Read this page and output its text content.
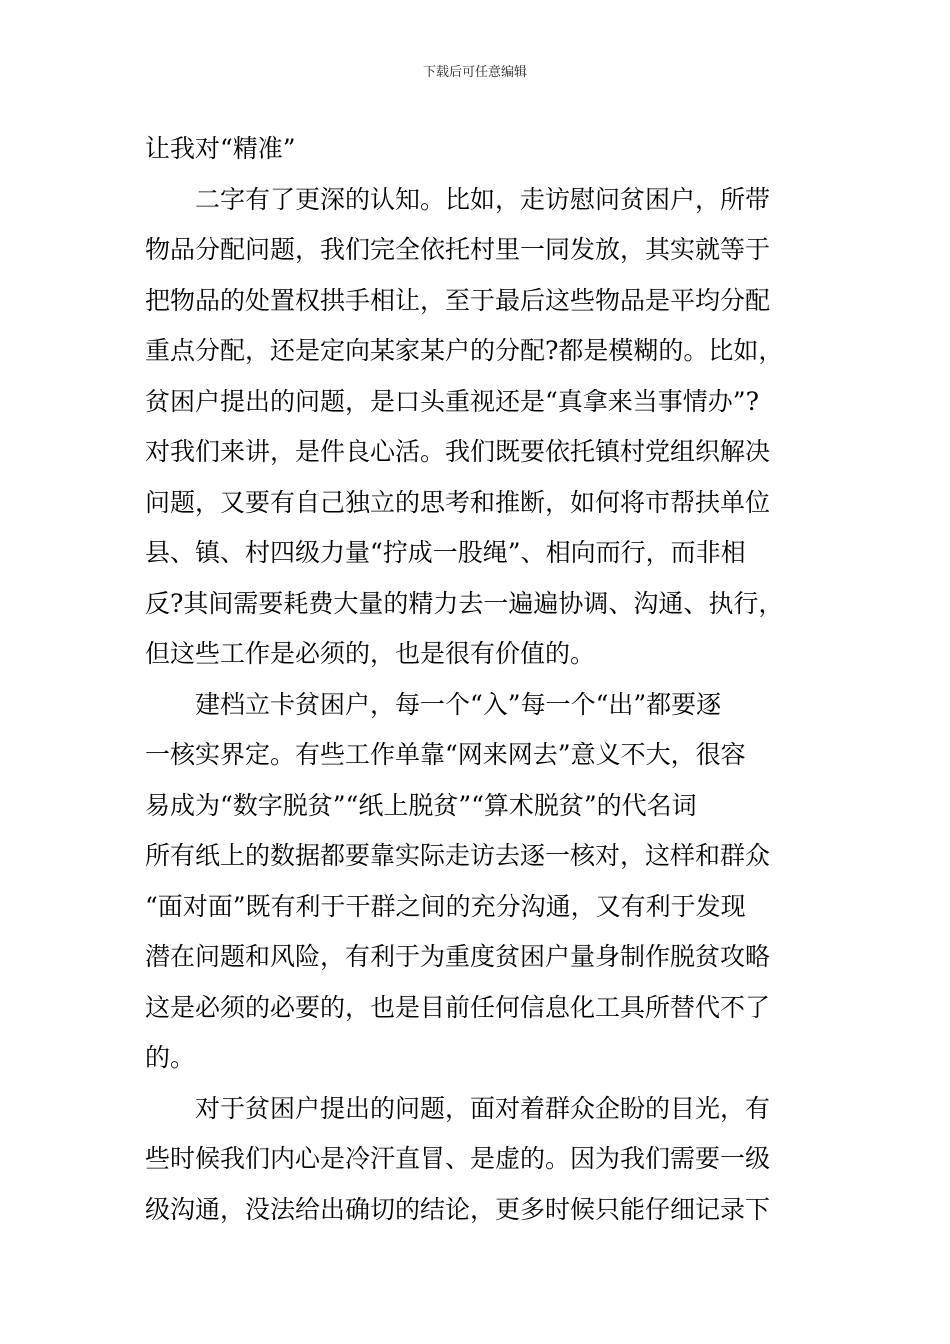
下载后可任意编辑
让我对“精准”
二字有了更深的认知。比如，走访慰问贫困户，所带
物品分配问题，我们完全依托村里一同发放，其实就等于
把物品的处置权拱手相让，至于最后这些物品是平均分配
重点分配，还是定向某家某户的分配?都是模糊的。比如，
贫困户提出的问题，是口头重视还是“真拿来当事情办”?
对我们来讲，是件良心活。我们既要依托镇村党组织解决
问题，又要有自己独立的思考和推断，如何将市帮扶单位
县、镇、村四级力量“拧成一股绳”、相向而行，而非相
反?其间需要耗费大量的精力去一遍遍协调、沟通、执行，
但这些工作是必须的，也是很有价值的。
建档立卡贫困户，每一个“入”每一个“出”都要逐
一核实界定。有些工作单靠“网来网去”意义不大，很容
易成为“数字脱贫”“纸上脱贫”“算术脱贫”的代名词
所有纸上的数据都要靠实际走访去逐一核对，这样和群众
“面对面”既有利于干群之间的充分沟通，又有利于发现
潜在问题和风险，有利于为重度贫困户量身制作脱贫攻略
这是必须的必要的，也是目前任何信息化工具所替代不了
的。
对于贫困户提出的问题，面对着群众企盼的目光，有
些时候我们内心是冷汗直冒、是虚的。因为我们需要一级
级沟通，没法给出确切的结论，更多时候只能仔细记录下
